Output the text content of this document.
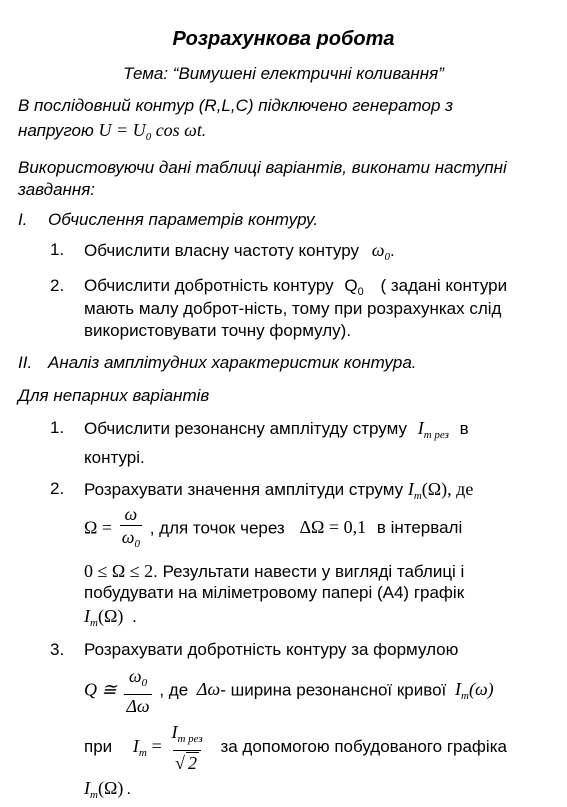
Розрахункова робота
Тема: “Вимушені електричні коливання”
В послідовний контур (R,L,C) підключено генератор з
напругою $U = U_0$ cos ωt.
Використовуючи дані таблиці варіантів, виконати наступні
завдання:
I. Обчислення параметрів контуру.
1. Обчислити власну частоту контуру $\omega_0$.
2. Обчислити добротність контуру $Q_0$ ( задані контури
мають малу доброт-ність, тому при розрахунках слід
використовувати точну формулу).
II. Аналіз амплітудних характеристик контура.
Для непарних варіантів
1. Обчислити резонансну амплітуду струму $I_{m рез}$ в
контурі.
2. Розрахувати значення амплітуди струму $I_m(\Omega)$, де
$\Omega = \frac{\omega}{\omega_0}$ , для точок через ΔΩ = 0,1 в інтервалі
0 ≤ Ω ≤ 2. Результати навести у вигляді таблиці і
побудувати на міліметровому папері (А4) графік
$I_m(\Omega)$ .
3. Розрахувати добротність контуру за формулою
Q ≅ $\frac{\omega_0}{\Delta\omega}$ , де Δω- ширина резонансної кривої $I_m(\omega)$
при $I_m = \frac{I_{m рез}}{√ 2}$ за допомогою побудованого графіка
$I_m(\Omega)$ .
